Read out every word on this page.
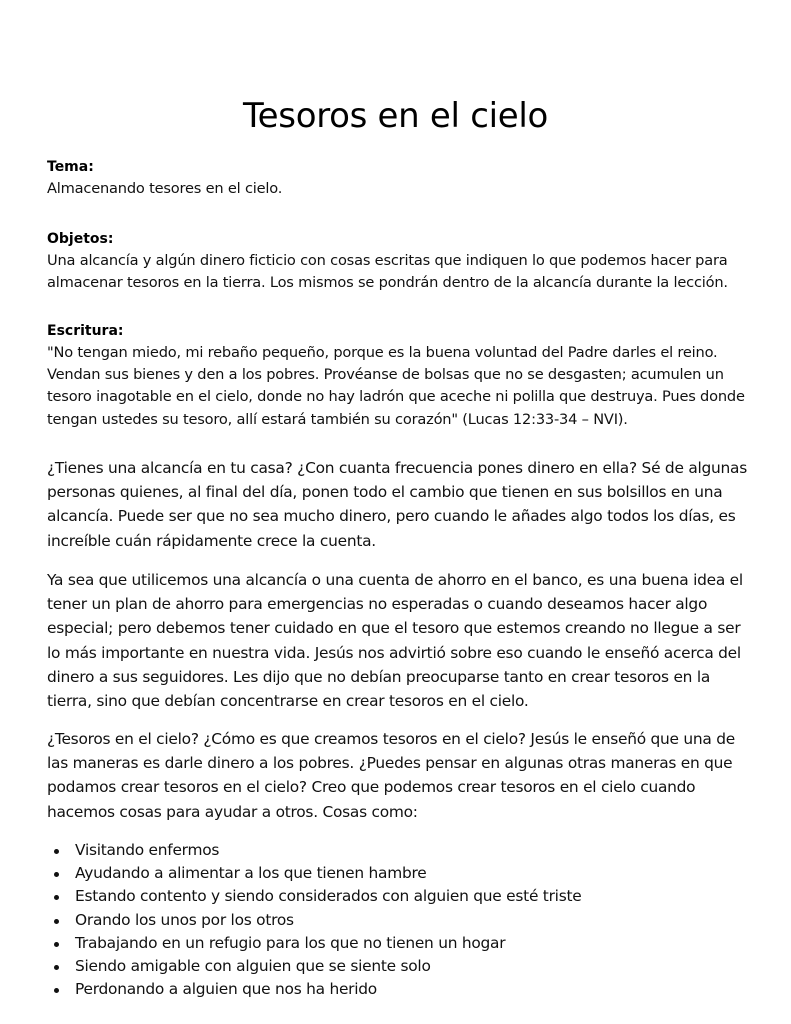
Tesoros en el cielo

Tema:

Almacenando tesores en el cielo.

Objetos:

Una alcancía y algún dinero ficticio con cosas escritas que indiquen lo que podemos hacer para almacenar tesoros en la tierra. Los mismos se pondrán dentro de la alcancía durante la lección.

Escritura:

"No tengan miedo, mi rebaño pequeño, porque es la buena voluntad del Padre darles el reino. Vendan sus bienes y den a los pobres. Provéanse de bolsas que no se desgasten; acumulen un tesoro inagotable en el cielo, donde no hay ladrón que aceche ni polilla que destruya. Pues donde tengan ustedes su tesoro, allí estará también su corazón" (Lucas 12:33-34 – NVI).

¿Tienes una alcancía en tu casa? ¿Con cuanta frecuencia pones dinero en ella? Sé de algunas personas quienes, al final del día, ponen todo el cambio que tienen en sus bolsillos en una alcancía. Puede ser que no sea mucho dinero, pero cuando le añades algo todos los días, es increíble cuán rápidamente crece la cuenta.

Ya sea que utilicemos una alcancía o una cuenta de ahorro en el banco, es una buena idea el tener un plan de ahorro para emergencias no esperadas o cuando deseamos hacer algo especial; pero debemos tener cuidado en que el tesoro que estemos creando no llegue a ser lo más importante en nuestra vida. Jesús nos advirtió sobre eso cuando le enseñó acerca del dinero a sus seguidores. Les dijo que no debían preocuparse tanto en crear tesoros en la tierra, sino que debían concentrarse en crear tesoros en el cielo.

¿Tesoros en el cielo? ¿Cómo es que creamos tesoros en el cielo? Jesús le enseñó que una de las maneras es darle dinero a los pobres. ¿Puedes pensar en algunas otras maneras en que podamos crear tesoros en el cielo? Creo que podemos crear tesoros en el cielo cuando hacemos cosas para ayudar a otros. Cosas como:

Visitando enfermos
Ayudando a alimentar a los que tienen hambre
Estando contento y siendo considerados con alguien que esté triste
Orando los unos por los otros
Trabajando en un refugio para los que no tienen un hogar
Siendo amigable con alguien que se siente solo
Perdonando a alguien que nos ha herido
